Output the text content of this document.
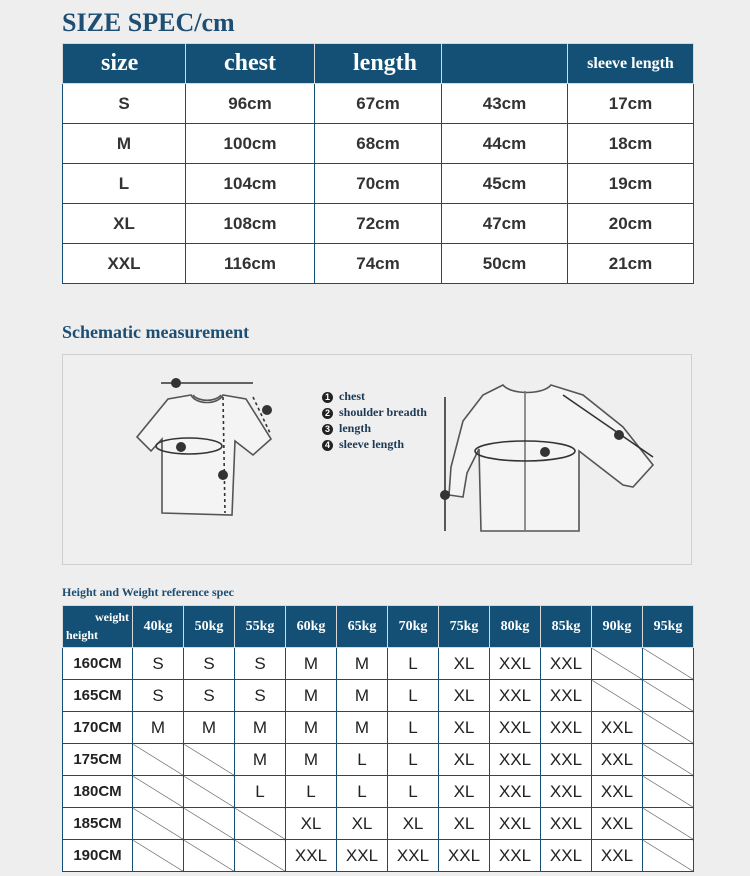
SIZE SPEC/cm
size	chest	length		sleeve length
S	96cm	67cm	43cm	17cm
M	100cm	68cm	44cm	18cm
L	104cm	70cm	45cm	19cm
XL	108cm	72cm	47cm	20cm
XXL	116cm	74cm	50cm	21cm
Schematic measurement
1 chest
2 shoulder breadth
3 length
4 sleeve length
Height and Weight reference spec
weight
height	40kg	50kg	55kg	60kg	65kg	70kg	75kg	80kg	85kg	90kg	95kg
160CM	S	S	S	M	M	L	XL	XXL	XXL		
165CM	S	S	S	M	M	L	XL	XXL	XXL		
170CM	M	M	M	M	M	L	XL	XXL	XXL	XXL	
175CM			M	M	L	L	XL	XXL	XXL	XXL	
180CM			L	L	L	L	XL	XXL	XXL	XXL	
185CM				XL	XL	XL	XL	XXL	XXL	XXL	
190CM				XXL	XXL	XXL	XXL	XXL	XXL	XXL	
